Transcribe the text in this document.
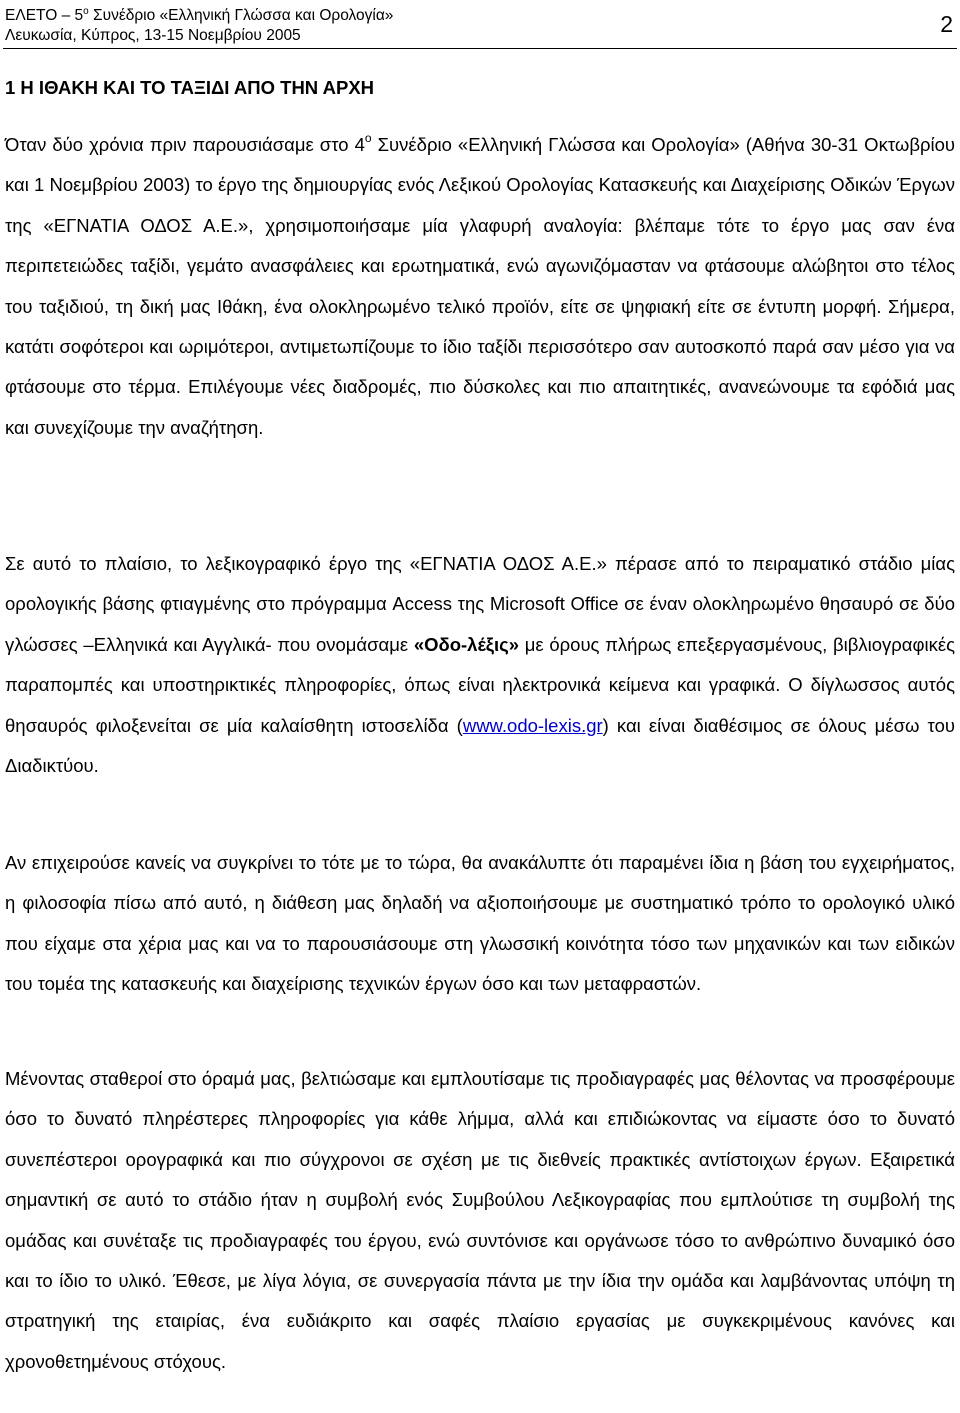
ΕΛΕΤΟ – $5^o$ Συνέδριο «Ελληνική Γλώσσα και Ορολογία»
Λευκωσία, Κύπρος, 13-15 Νοεμβρίου 2005	2
1 Η ΙΘΑΚΗ ΚΑΙ ΤΟ ΤΑΞΙΔΙ ΑΠΟ ΤΗΝ ΑΡΧΗ

Όταν δύο χρόνια πριν παρουσιάσαμε στο $4^o$ Συνέδριο «Ελληνική Γλώσσα και Ορολογία» (Αθήνα 30-31 Οκτωβρίου και 1 Νοεμβρίου 2003) το έργο της δημιουργίας ενός Λεξικού Ορολογίας Κατασκευής και Διαχείρισης Οδικών Έργων της «ΕΓΝΑΤΙΑ ΟΔΟΣ Α.Ε.», χρησιμοποιήσαμε μία γλαφυρή αναλογία: βλέπαμε τότε το έργο μας σαν ένα περιπετειώδες ταξίδι, γεμάτο ανασφάλειες και ερωτηματικά, ενώ αγωνιζόμασταν να φτάσουμε αλώβητοι στο τέλος του ταξιδιού, τη δική μας Ιθάκη, ένα ολοκληρωμένο τελικό προϊόν, είτε σε ψηφιακή είτε σε έντυπη μορφή. Σήμερα, κατάτι σοφότεροι και ωριμότεροι, αντιμετωπίζουμε το ίδιο ταξίδι περισσότερο σαν αυτοσκοπό παρά σαν μέσο για να φτάσουμε στο τέρμα. Επιλέγουμε νέες διαδρομές, πιο δύσκολες και πιο απαιτητικές, ανανεώνουμε τα εφόδιά μας και συνεχίζουμε την αναζήτηση.

Σε αυτό το πλαίσιο, το λεξικογραφικό έργο της «ΕΓΝΑΤΙΑ ΟΔΟΣ Α.Ε.» πέρασε από το πειραματικό στάδιο μίας ορολογικής βάσης φτιαγμένης στο πρόγραμμα Access της Microsoft Office σε έναν ολοκληρωμένο θησαυρό σε δύο γλώσσες –Ελληνικά και Αγγλικά- που ονομάσαμε «Οδο-λέξις» με όρους πλήρως επεξεργασμένους, βιβλιογραφικές παραπομπές και υποστηρικτικές πληροφορίες, όπως είναι ηλεκτρονικά κείμενα και γραφικά. Ο δίγλωσσος αυτός θησαυρός φιλοξενείται σε μία καλαίσθητη ιστοσελίδα (www.odo-lexis.gr) και είναι διαθέσιμος σε όλους μέσω του Διαδικτύου.

Αν επιχειρούσε κανείς να συγκρίνει το τότε με το τώρα, θα ανακάλυπτε ότι παραμένει ίδια η βάση του εγχειρήματος, η φιλοσοφία πίσω από αυτό, η διάθεση μας δηλαδή να αξιοποιήσουμε με συστηματικό τρόπο το ορολογικό υλικό που είχαμε στα χέρια μας και να το παρουσιάσουμε στη γλωσσική κοινότητα τόσο των μηχανικών και των ειδικών του τομέα της κατασκευής και διαχείρισης τεχνικών έργων όσο και των μεταφραστών.

Μένοντας σταθεροί στο όραμά μας, βελτιώσαμε και εμπλουτίσαμε τις προδιαγραφές μας θέλοντας να προσφέρουμε όσο το δυνατό πληρέστερες πληροφορίες για κάθε λήμμα, αλλά και επιδιώκοντας να είμαστε όσο το δυνατό συνεπέστεροι ορογραφικά και πιο σύγχρονοι σε σχέση με τις διεθνείς πρακτικές αντίστοιχων έργων. Εξαιρετικά σημαντική σε αυτό το στάδιο ήταν η συμβολή ενός Συμβούλου Λεξικογραφίας που εμπλούτισε τη συμβολή της ομάδας και συνέταξε τις προδιαγραφές του έργου, ενώ συντόνισε και οργάνωσε τόσο το ανθρώπινο δυναμικό όσο και το ίδιο το υλικό. Έθεσε, με λίγα λόγια, σε συνεργασία πάντα με την ίδια την ομάδα και λαμβάνοντας υπόψη τη στρατηγική της εταιρίας, ένα ευδιάκριτο και σαφές πλαίσιο εργασίας με συγκεκριμένους κανόνες και χρονοθετημένους στόχους.
